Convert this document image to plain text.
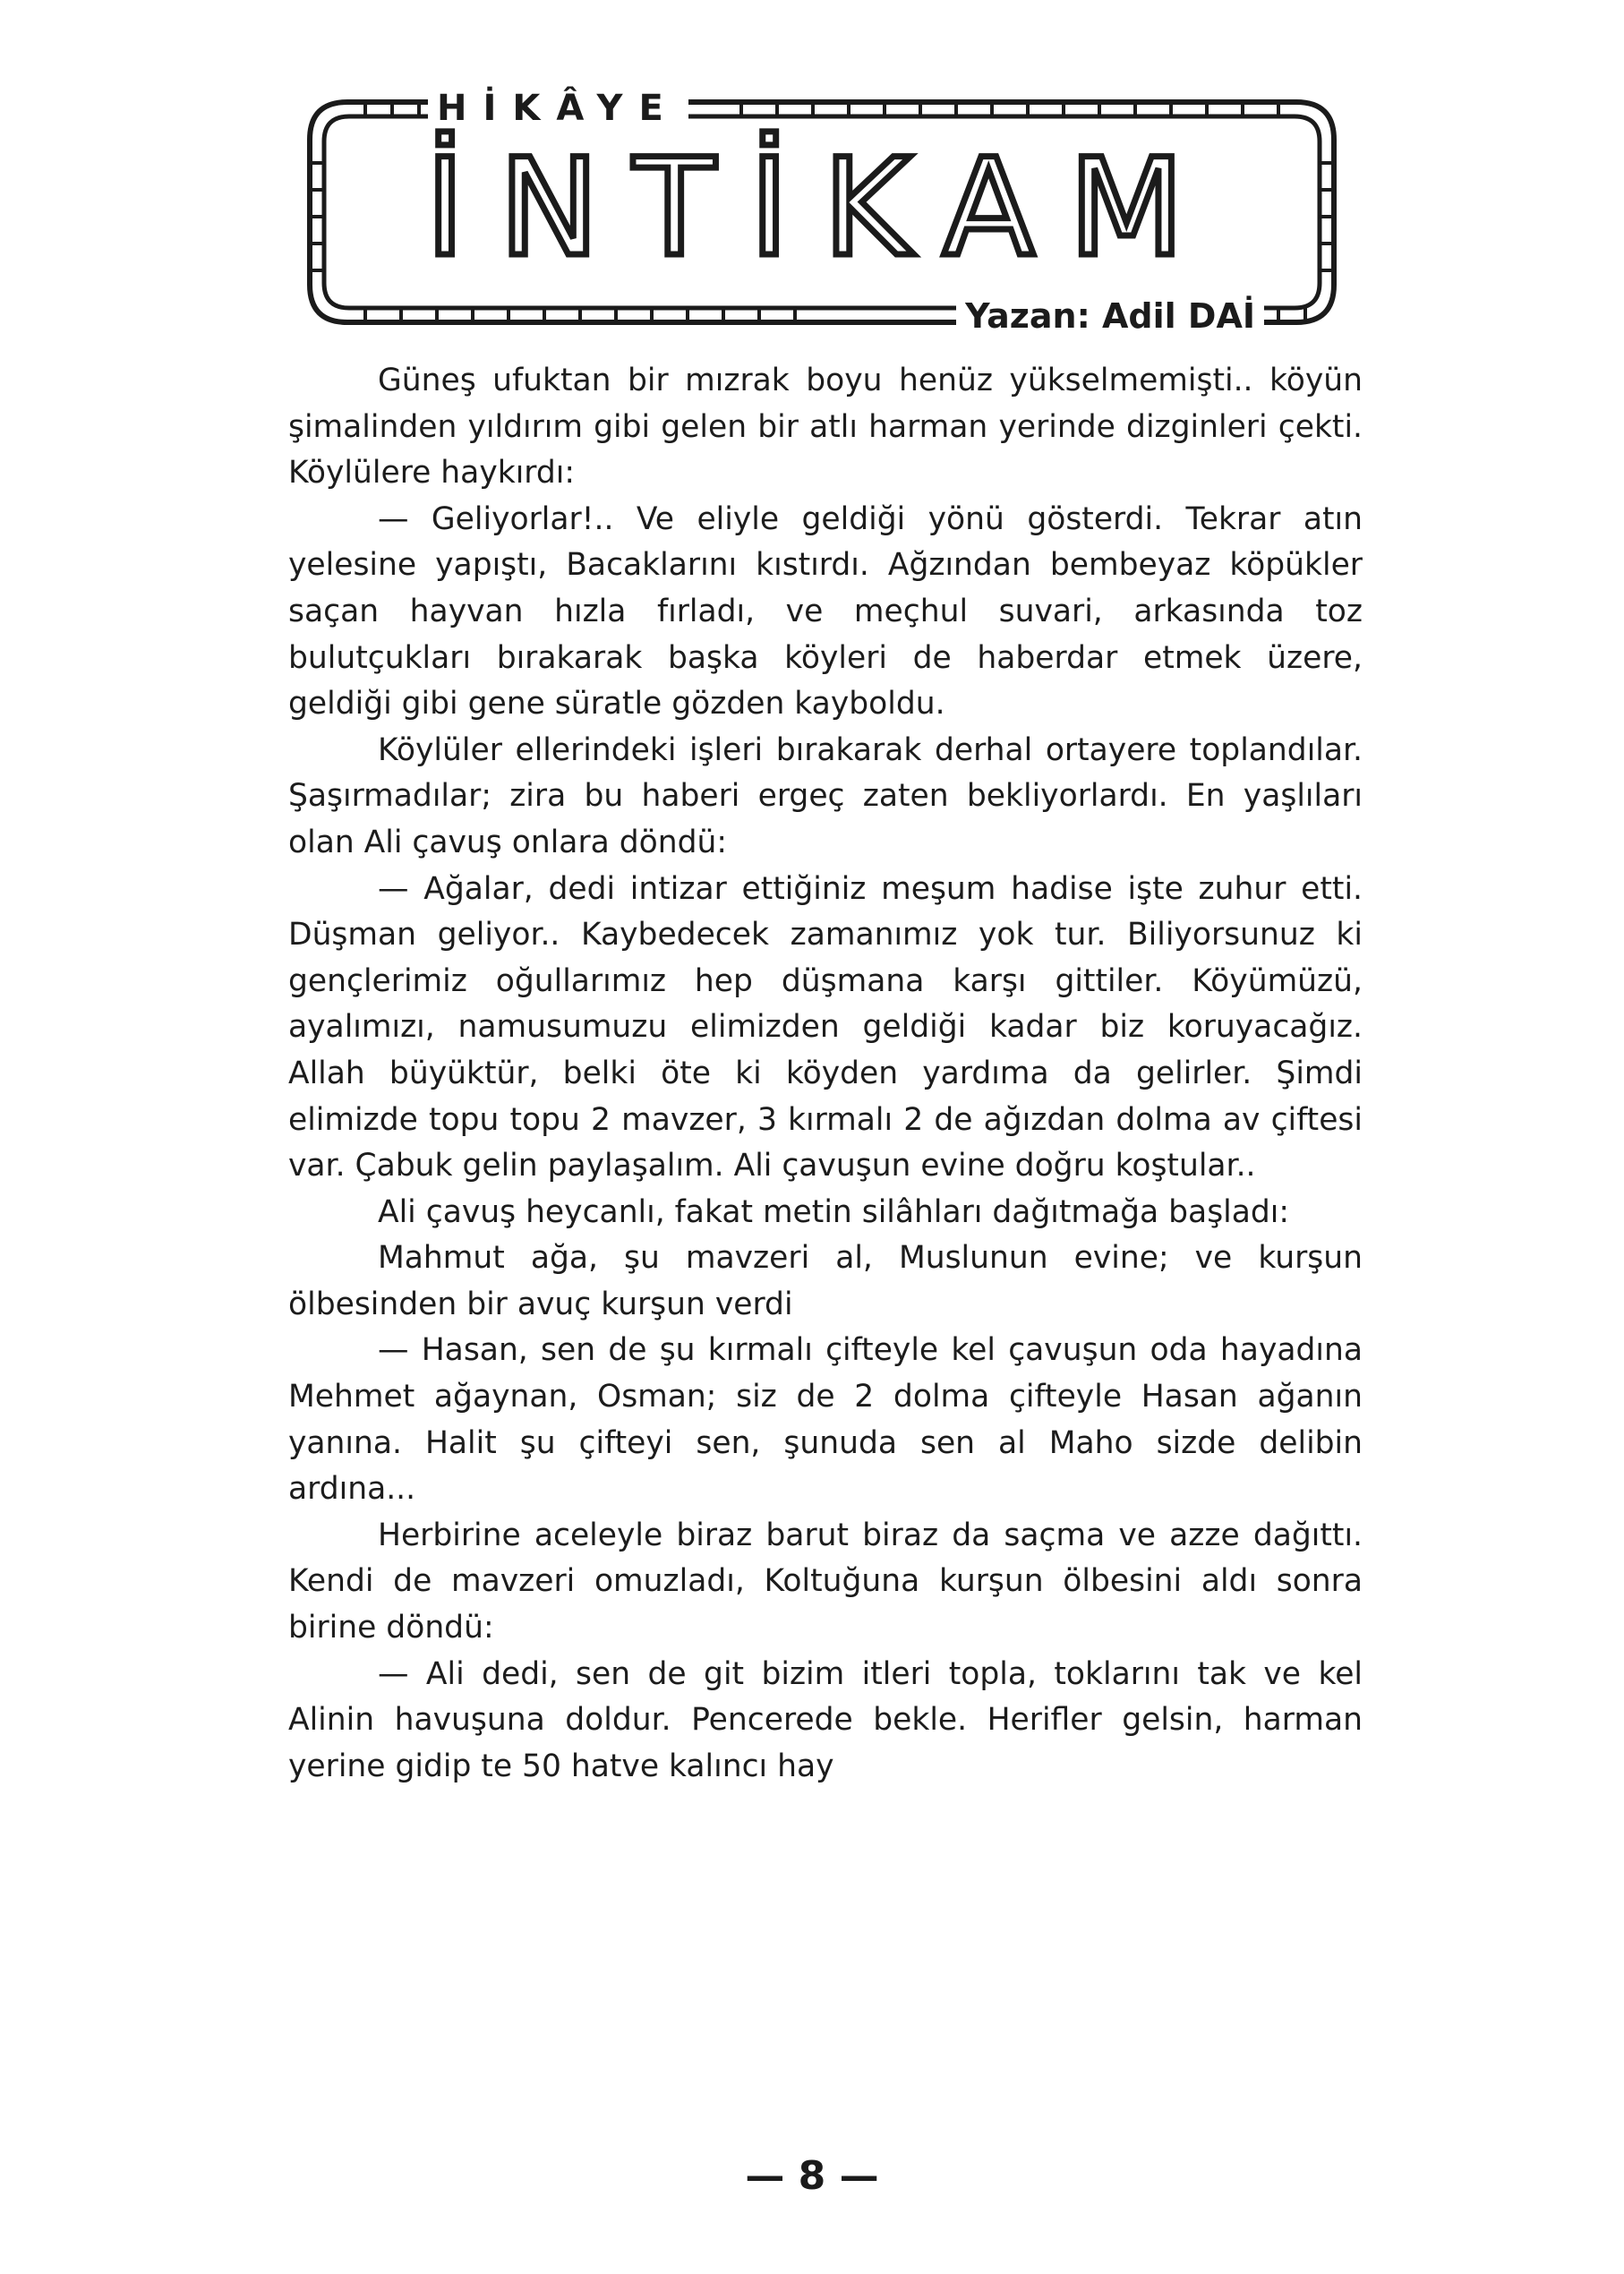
HİKÂYE
İNTİKAM
Yazan: Adil DAİ

Güneş ufuktan bir mızrak boyu henüz yükselmemişti.. köyün şimalinden yıldırım gibi gelen bir atlı harman yerinde dizginleri çekti. Köylülere haykırdı:

— Geliyorlar!.. Ve eliyle geldiği yönü gösterdi. Tekrar atın yelesine yapıştı, Bacaklarını kıstırdı. Ağzından bembeyaz köpükler saçan hayvan hızla fırladı, ve meçhul suvari, arkasında toz bulutçukları bırakarak başka köyleri de haberdar etmek üzere, geldiği gibi gene süratle gözden kayboldu.

Köylüler ellerindeki işleri bırakarak derhal ortayere toplandılar. Şaşırmadılar; zira bu haberi ergeç zaten bekliyorlardı. En yaşlıları olan Ali çavuş onlara döndü:

— Ağalar, dedi intizar ettiğiniz meşum hadise işte zuhur etti. Düşman geliyor.. Kaybedecek zamanımız yok tur. Biliyorsunuz ki gençlerimiz oğullarımız hep düşmana karşı gittiler. Köyümüzü, ayalımızı, namusumuzu elimizden geldiği kadar biz koruyacağız. Allah büyüktür, belki öte ki köyden yardıma da gelirler. Şimdi elimizde topu topu 2 mavzer, 3 kırmalı 2 de ağızdan dolma av çiftesi var. Çabuk gelin paylaşalım. Ali çavuşun evine doğru koştular..

Ali çavuş heycanlı, fakat metin silâhları dağıtmağa başladı:

Mahmut ağa, şu mavzeri al, Muslunun evine; ve kurşun ölbesinden bir avuç kurşun verdi

— Hasan, sen de şu kırmalı çifteyle kel çavuşun oda hayadına Mehmet ağaynan, Osman; siz de 2 dolma çifteyle Hasan ağanın yanına. Halit şu çifteyi sen, şunuda sen al Maho sizde delibin ardına...

Herbirine aceleyle biraz barut biraz da saçma ve azze dağıttı. Kendi de mavzeri omuzladı, Koltuğuna kurşun ölbesini aldı sonra birine döndü:

— Ali dedi, sen de git bizim itleri topla, toklarını tak ve kel Alinin havuşuna doldur. Pencerede bekle. Herifler gelsin, harman yerine gidip te 50 hatve kalıncı hay

— 8 —
